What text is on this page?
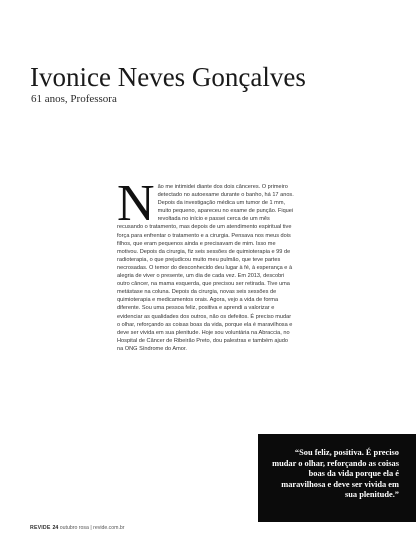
Ivonice Neves Gonçalves
61 anos, Professora

Não me intimidei diante dos dois cânceres. O primeiro detectado no autoexame durante o banho, há 17 anos. Depois da investigação médica um tumor de 1 mm, muito pequeno, apareceu no exame de punção. Fiquei revoltada no início e passei cerca de um mês recusando o tratamento, mas depois de um atendimento espiritual tive força para enfrentar o tratamento e a cirurgia. Pensava nos meus dois filhos, que eram pequenos ainda e precisavam de mim. Isso me motivou. Depois da cirurgia, fiz seis sessões de quimioterapia e 99 de radioterapia, o que prejudicou muito meu pulmão, que teve partes necrosadas. O temor do desconhecido deu lugar à fé, à esperança e à alegria de viver o presente, um dia de cada vez. Em 2013, descobri outro câncer, na mama esquerda, que precisou ser retirada. Tive uma metástase na coluna. Depois da cirurgia, novas seis sessões de quimioterapia e medicamentos orais. Agora, vejo a vida de forma diferente. Sou uma pessoa feliz, positiva e aprendi a valorizar e evidenciar as qualidades dos outros, não os defeitos. É preciso mudar o olhar, reforçando as coisas boas da vida, porque ela é maravilhosa e deve ser vivida em sua plenitude. Hoje sou voluntária na Abraccia, no Hospital de Câncer de Ribeirão Preto, dou palestras e também ajudo na ONG Síndrome do Amor.

“Sou feliz, positiva. É preciso mudar o olhar, reforçando as coisas boas da vida porque ela é maravilhosa e deve ser vivida em sua plenitude.”

REVIDE 24 outubro rosa | revide.com.br
